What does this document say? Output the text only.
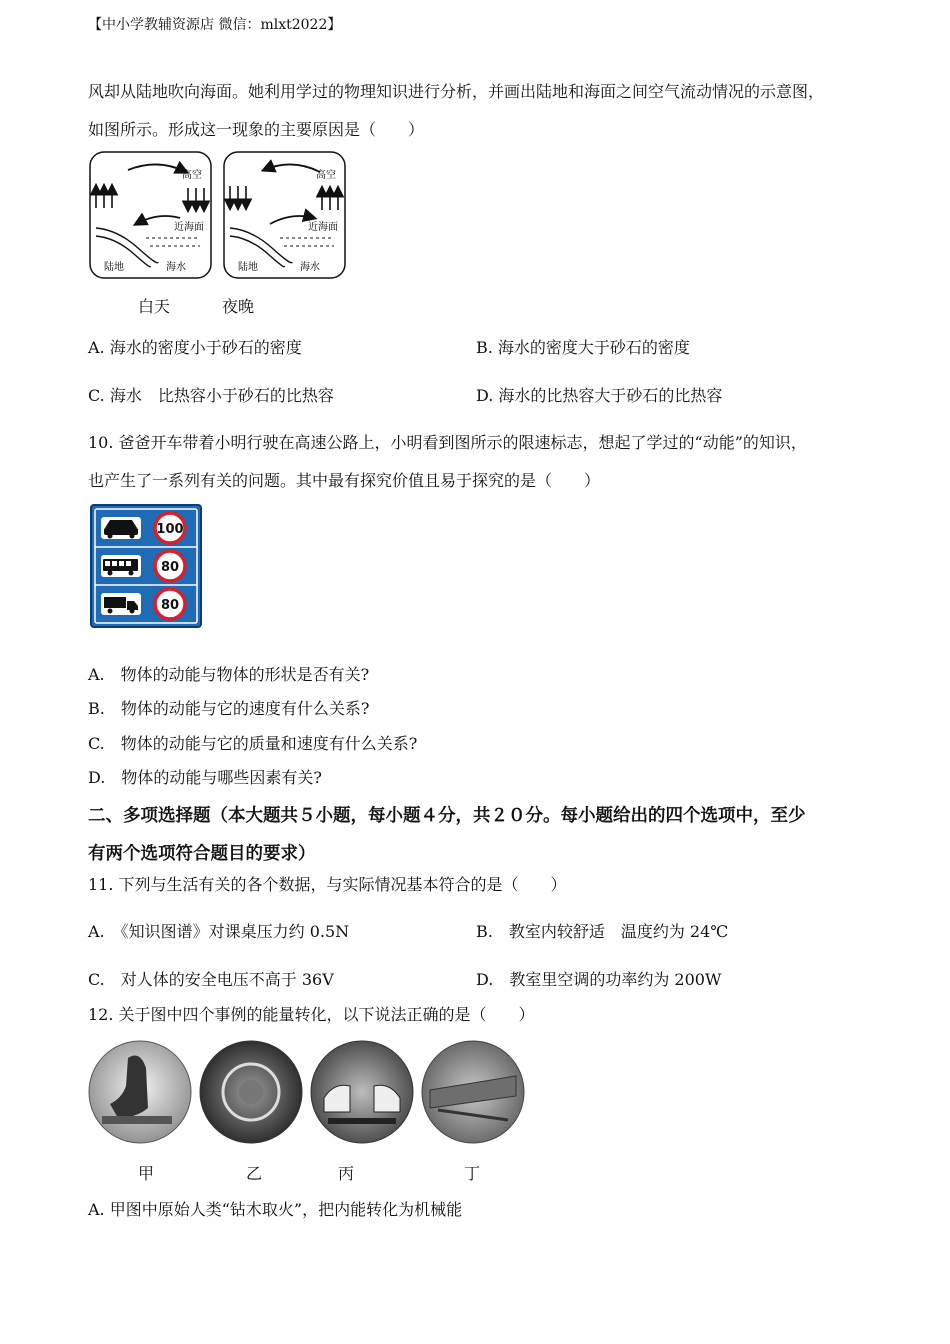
【中小学教辅资源店 微信：mlxt2022】
风却从陆地吹向海面。她利用学过的物理知识进行分析，并画出陆地和海面之间空气流动情况的示意图，
如图所示。形成这一现象的主要原因是（　　）
高空
近海面
陆地	海水
高空
近海面
陆地	海水
白天	夜晚
A. 海水的密度小于砂石的密度	B. 海水的密度大于砂石的密度
C. 海水　比热容小于砂石的比热容	D. 海水的比热容大于砂石的比热容
10. 爸爸开车带着小明行驶在高速公路上，小明看到图所示的限速标志，想起了学过的“动能”的知识，
也产生了一系列有关的问题。其中最有探究价值且易于探究的是（　　）
100
80
80
A.　物体的动能与物体的形状是否有关?
B.　物体的动能与它的速度有什么关系?
C.　物体的动能与它的质量和速度有什么关系?
D.　物体的动能与哪些因素有关?
二、多项选择题（本大题共５小题，每小题４分，共２０分。每小题给出的四个选项中，至少
有两个选项符合题目的要求）
11. 下列与生活有关的各个数据，与实际情况基本符合的是（　　）
A.　《知识图谱》对课桌压力约 0.5N	B.　教室内较舒适　温度约为 24℃
C.　对人体的安全电压不高于 36V	D.　教室里空调的功率约为 200W
12. 关于图中四个事例的能量转化，以下说法正确的是（　　）
甲	乙	丙	丁
A. 甲图中原始人类“钻木取火”，把内能转化为机械能
